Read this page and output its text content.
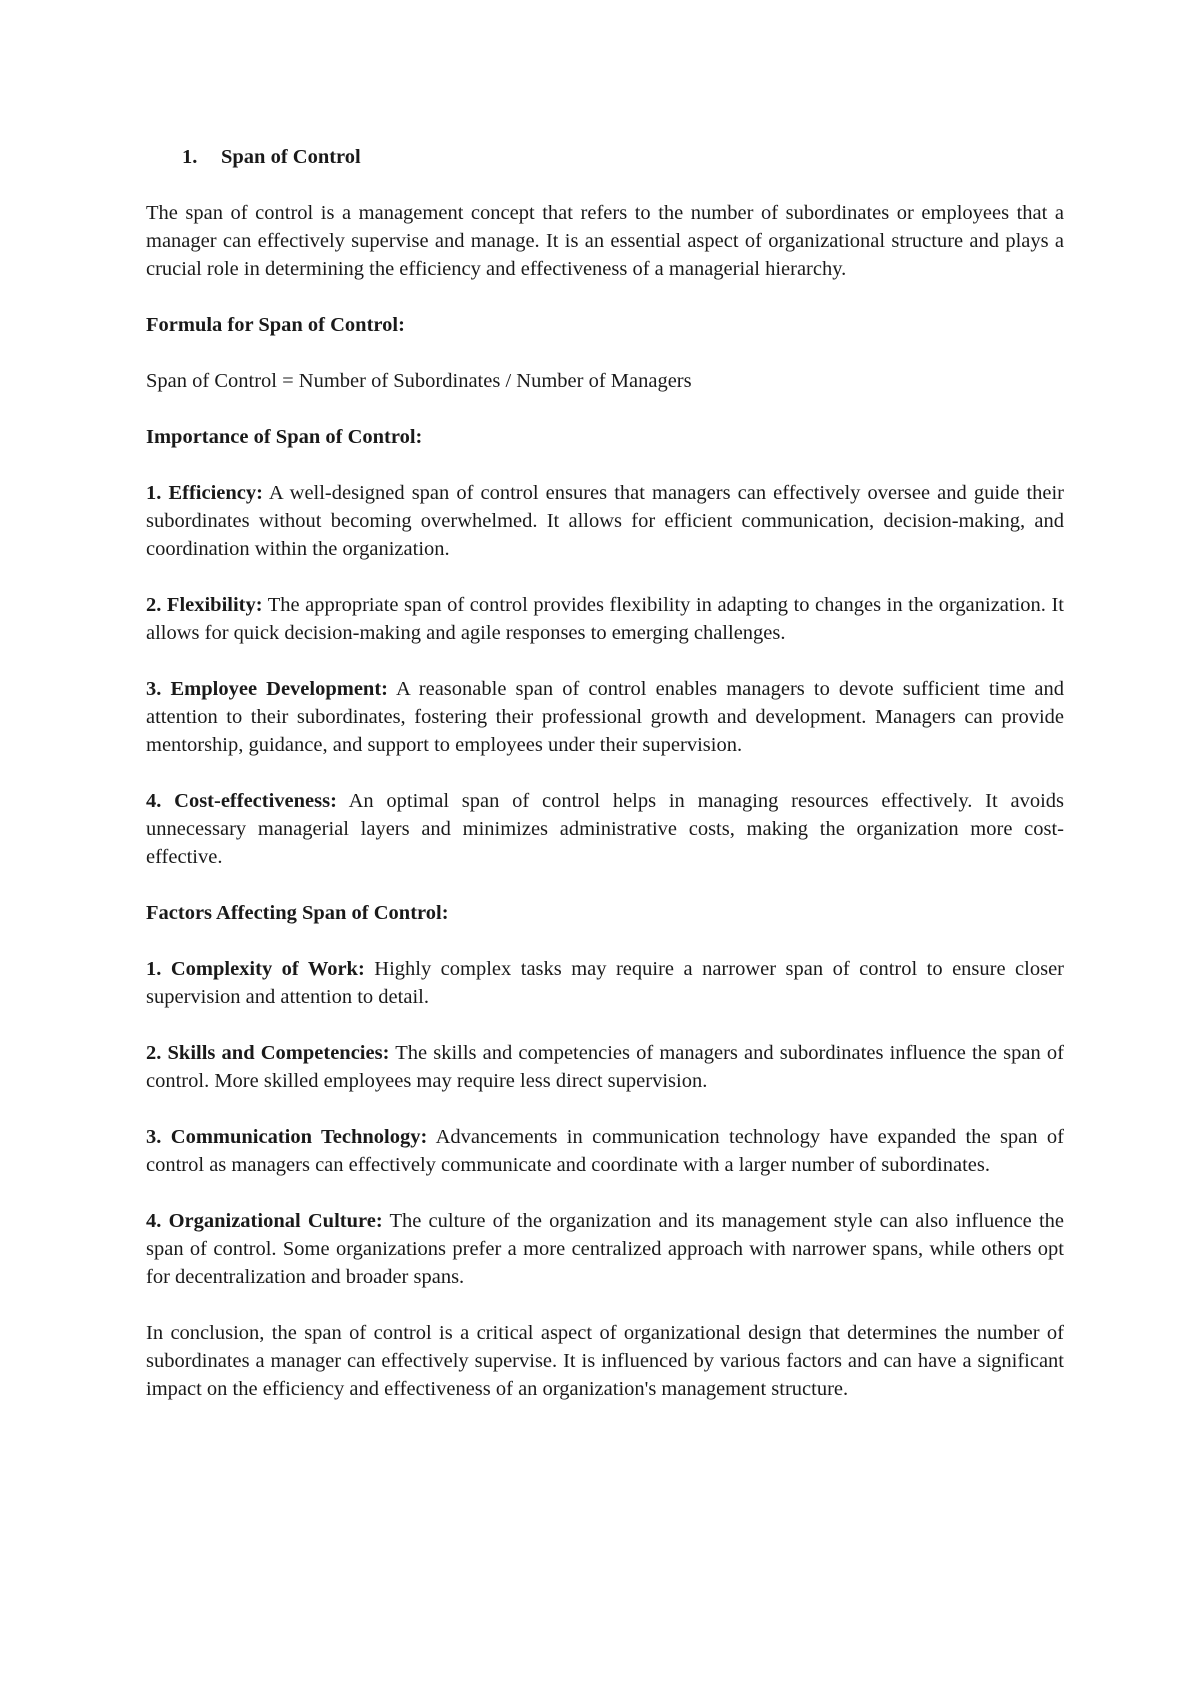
1. Span of Control

The span of control is a management concept that refers to the number of subordinates or employees that a manager can effectively supervise and manage. It is an essential aspect of organizational structure and plays a crucial role in determining the efficiency and effectiveness of a managerial hierarchy.

Formula for Span of Control:

Span of Control = Number of Subordinates / Number of Managers

Importance of Span of Control:

1. Efficiency: A well-designed span of control ensures that managers can effectively oversee and guide their subordinates without becoming overwhelmed. It allows for efficient communication, decision-making, and coordination within the organization.

2. Flexibility: The appropriate span of control provides flexibility in adapting to changes in the organization. It allows for quick decision-making and agile responses to emerging challenges.

3. Employee Development: A reasonable span of control enables managers to devote sufficient time and attention to their subordinates, fostering their professional growth and development. Managers can provide mentorship, guidance, and support to employees under their supervision.

4. Cost-effectiveness: An optimal span of control helps in managing resources effectively. It avoids unnecessary managerial layers and minimizes administrative costs, making the organization more cost-effective.

Factors Affecting Span of Control:

1. Complexity of Work: Highly complex tasks may require a narrower span of control to ensure closer supervision and attention to detail.

2. Skills and Competencies: The skills and competencies of managers and subordinates influence the span of control. More skilled employees may require less direct supervision.

3. Communication Technology: Advancements in communication technology have expanded the span of control as managers can effectively communicate and coordinate with a larger number of subordinates.

4. Organizational Culture: The culture of the organization and its management style can also influence the span of control. Some organizations prefer a more centralized approach with narrower spans, while others opt for decentralization and broader spans.

In conclusion, the span of control is a critical aspect of organizational design that determines the number of subordinates a manager can effectively supervise. It is influenced by various factors and can have a significant impact on the efficiency and effectiveness of an organization's management structure.
